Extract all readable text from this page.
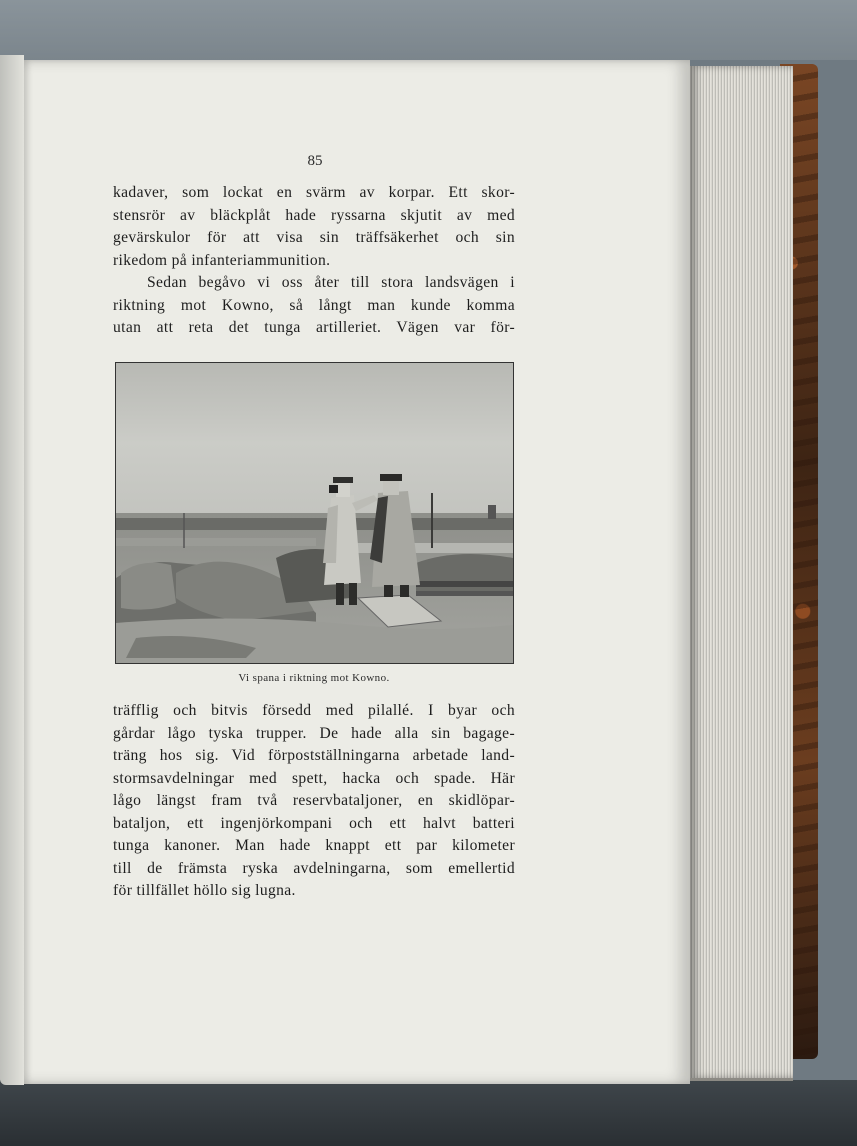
85
kadaver, som lockat en svärm av korpar. Ett skor-
stensrör av bläckplåt hade ryssarna skjutit av med
gevärskulor för att visa sin träffsäkerhet och sin
rikedom på infanteriammunition.
Sedan begåvo vi oss åter till stora landsvägen i
riktning mot Kowno, så långt man kunde komma
utan att reta det tunga artilleriet. Vägen var för-
Vi spana i riktning mot Kowno.
träfflig och bitvis försedd med pilallé. I byar och
gårdar lågo tyska trupper. De hade alla sin bagage-
träng hos sig. Vid förpostställningarna arbetade land-
stormsavdelningar med spett, hacka och spade. Här
lågo längst fram två reservbataljoner, en skidlöpar-
bataljon, ett ingenjörkompani och ett halvt batteri
tunga kanoner. Man hade knappt ett par kilometer
till de främsta ryska avdelningarna, som emellertid
för tillfället höllo sig lugna.
